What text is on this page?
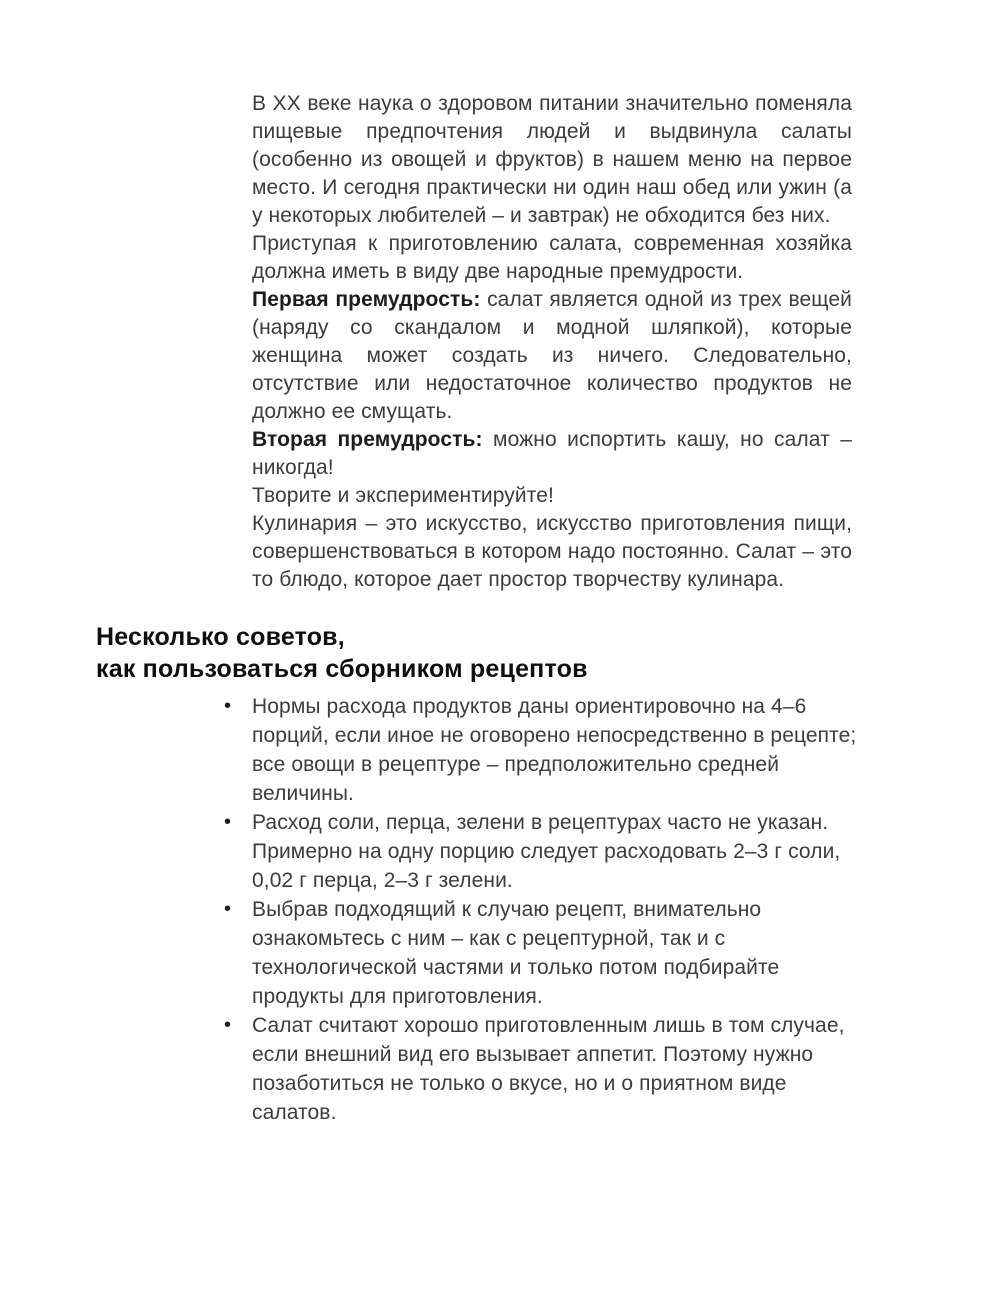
В ХХ веке наука о здоровом питании значительно поменяла пищевые предпочтения людей и выдвинула салаты (особенно из овощей и фруктов) в нашем меню на первое место. И сегодня практически ни один наш обед или ужин (а у некоторых любителей – и завтрак) не обходится без них.

Приступая к приготовлению салата, современная хозяйка должна иметь в виду две народные премудрости.

Первая премудрость: салат является одной из трех вещей (наряду со скандалом и модной шляпкой), которые женщина может создать из ничего. Следовательно, отсутствие или недостаточное количество продуктов не должно ее смущать.

Вторая премудрость: можно испортить кашу, но салат – никогда!

Творите и экспериментируйте!

Кулинария – это искусство, искусство приготовления пищи, совершенствоваться в котором надо постоянно. Салат – это то блюдо, которое дает простор творчеству кулинара.

Несколько советов,
как пользоваться сборником рецептов
• Нормы расхода продуктов даны ориентировочно на 4–6 порций, если иное не оговорено непосредственно в рецепте; все овощи в рецептуре – предположительно средней величины.
• Расход соли, перца, зелени в рецептурах часто не указан. Примерно на одну порцию следует расходовать 2–3 г соли, 0,02 г перца, 2–3 г зелени.
• Выбрав подходящий к случаю рецепт, внимательно ознакомьтесь с ним – как с рецептурной, так и с технологической частями и только потом подбирайте продукты для приготовления.
• Салат считают хорошо приготовленным лишь в том случае, если внешний вид его вызывает аппетит. Поэтому нужно позаботиться не только о вкусе, но и о приятном виде салатов.
